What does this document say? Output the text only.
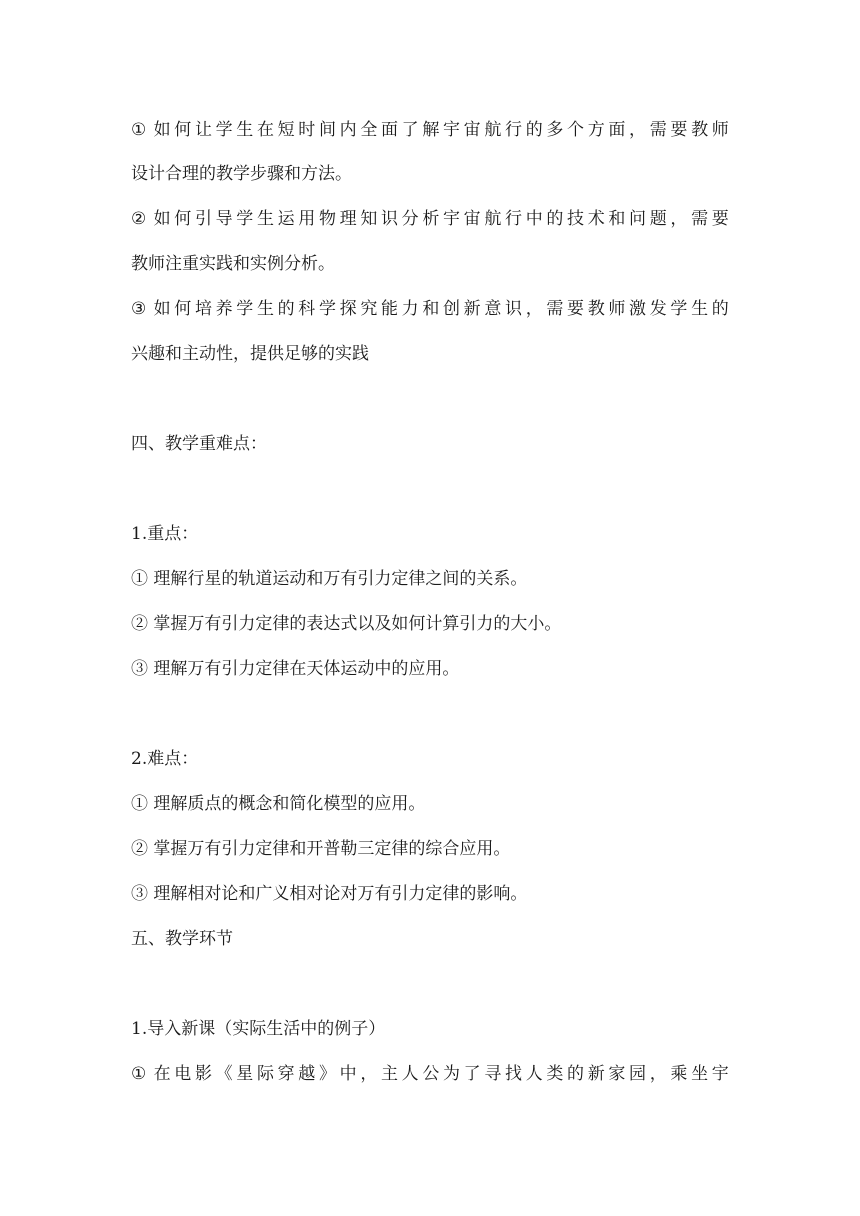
① 如 何 让 学 生 在 短 时 间 内 全 面 了 解 宇 宙 航 行 的 多 个 方 面 ， 需 要 教 师
设计合理的教学步骤和方法。
② 如 何 引 导 学 生 运 用 物 理 知 识 分 析 宇 宙 航 行 中 的 技 术 和 问 题 ， 需 要
教师注重实践和实例分析。
③ 如 何 培 养 学 生 的 科 学 探 究 能 力 和 创 新 意 识 ， 需 要 教 师 激 发 学 生 的
兴趣和主动性，提供足够的实践
四、教学重难点：
1.重点：
① 理解行星的轨道运动和万有引力定律之间的关系。
② 掌握万有引力定律的表达式以及如何计算引力的大小。
③ 理解万有引力定律在天体运动中的应用。
2.难点：
① 理解质点的概念和简化模型的应用。
② 掌握万有引力定律和开普勒三定律的综合应用。
③ 理解相对论和广义相对论对万有引力定律的影响。
五、教学环节
1.导入新课（实际生活中的例子）
① 在 电 影 《 星 际 穿 越 》 中 ， 主 人 公 为 了 寻 找 人 类 的 新 家 园 ， 乘 坐 宇
